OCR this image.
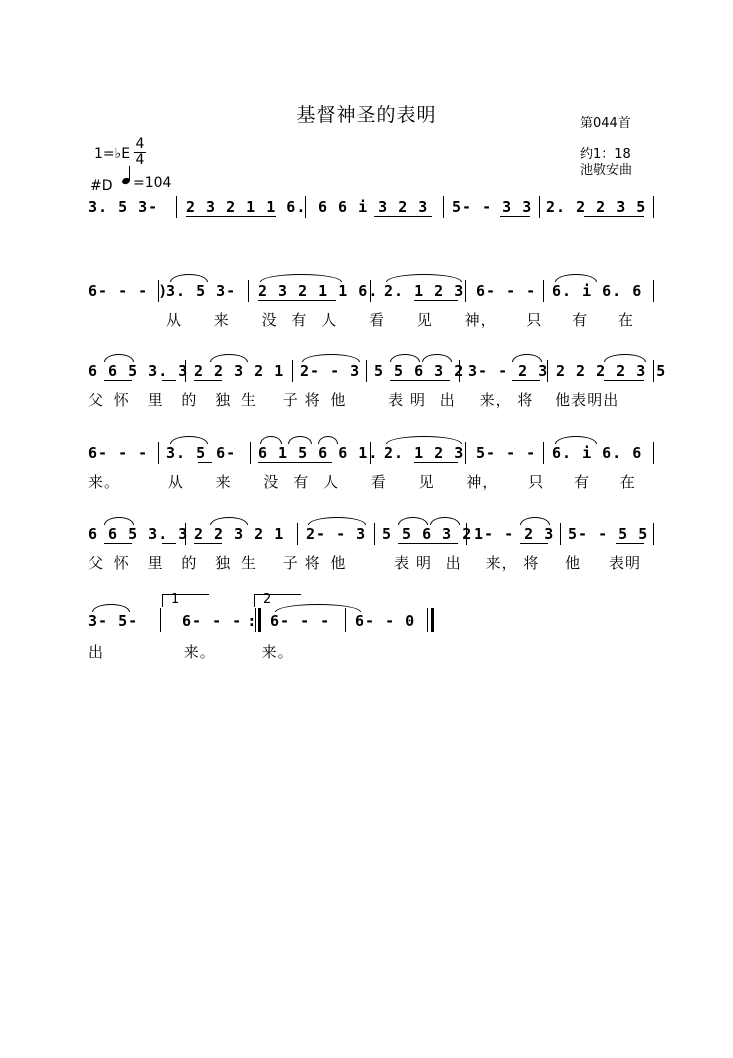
基督神圣的表明	第044首
约1：18
池敬安曲
1=♭E
4
4
#D =104
3. 5 3- 2 3 2 1 1 6. 6 6 i 3 2 3 5- - 3 3 2. 2 2 3 5
6- - - )
3. 5 3- 2 3 2 1 1 6. 2. 1 2 3 6- - - 6. i 6. 6
从 来 没 有 人 看 见 神， 只 有 在
6 6 5 3. 3 2 2 3 2 1 2- - 3 5 5 6 3 2 3- - 2 3 2 2 2 2 3 5
父 怀 里 的 独 生 子 将 他	表 明 出 来， 将 他表明出
6- - - 3. 5 6- 6 1 5 6 6 1. 2. 1 2 3 5- - - 6. i 6. 6
来。	从 来 没 有 人 看 见 神， 只 有 在
6 6 5 3. 3 2 2 3 2 1 2- - 3 5 5 6 3 2 1- - 2 3 5- - 5 5
父 怀 里 的 独 生 子 将 他	表 明 出 来， 将 他 表明
1	2
:
3- 5-	6- - - 6- - - 6- - 0
出	来。	来。
